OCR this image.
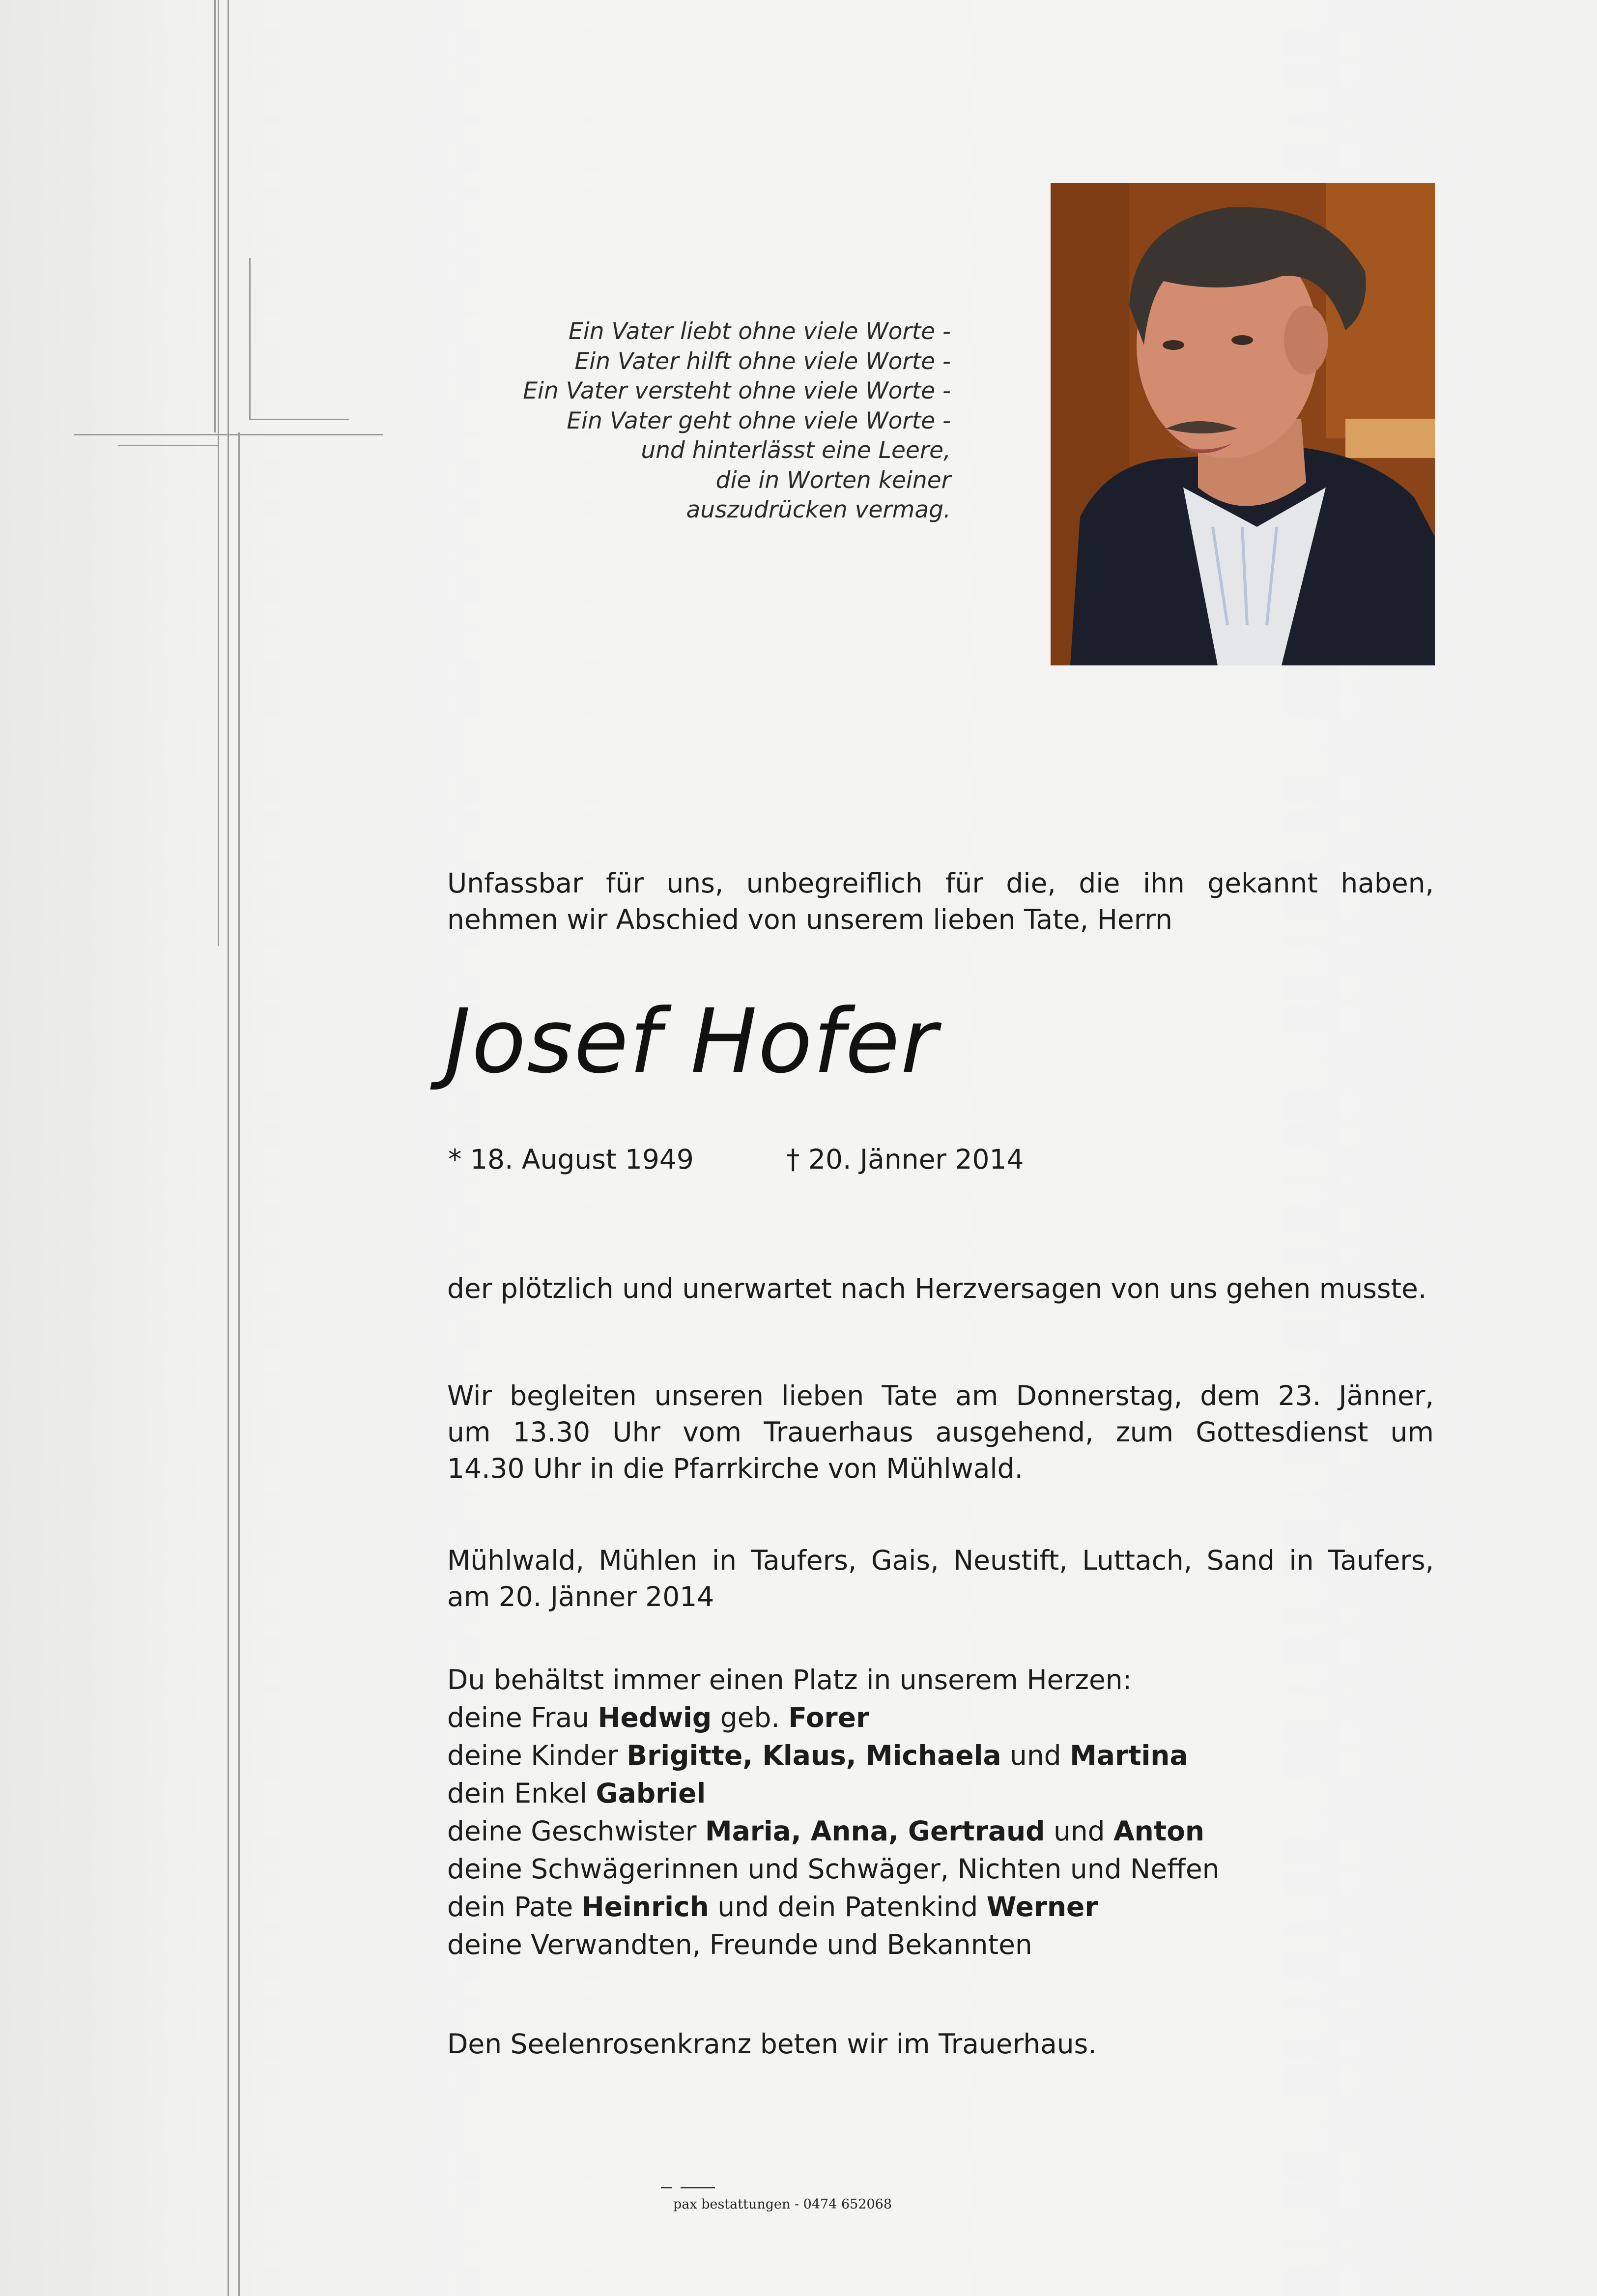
Ein Vater liebt ohne viele Worte -
Ein Vater hilft ohne viele Worte -
Ein Vater versteht ohne viele Worte -
Ein Vater geht ohne viele Worte -
und hinterlässt eine Leere,
die in Worten keiner
auszudrücken vermag.
Unfassbar für uns, unbegreiflich für die, die ihn gekannt haben,
nehmen wir Abschied von unserem lieben Tate, Herrn
Josef Hofer
* 18. August 1949	† 20. Jänner 2014
der plötzlich und unerwartet nach Herzversagen von uns gehen musste.
Wir begleiten unseren lieben Tate am Donnerstag, dem 23. Jänner,
um 13.30 Uhr vom Trauerhaus ausgehend, zum Gottesdienst um
14.30 Uhr in die Pfarrkirche von Mühlwald.
Mühlwald, Mühlen in Taufers, Gais, Neustift, Luttach, Sand in Taufers,
am 20. Jänner 2014
Du behältst immer einen Platz in unserem Herzen:
deine Frau Hedwig geb. Forer
deine Kinder Brigitte, Klaus, Michaela und Martina
dein Enkel Gabriel
deine Geschwister Maria, Anna, Gertraud und Anton
deine Schwägerinnen und Schwäger, Nichten und Neffen
dein Pate Heinrich und dein Patenkind Werner
deine Verwandten, Freunde und Bekannten
Den Seelenrosenkranz beten wir im Trauerhaus.
pax bestattungen - 0474 652068
